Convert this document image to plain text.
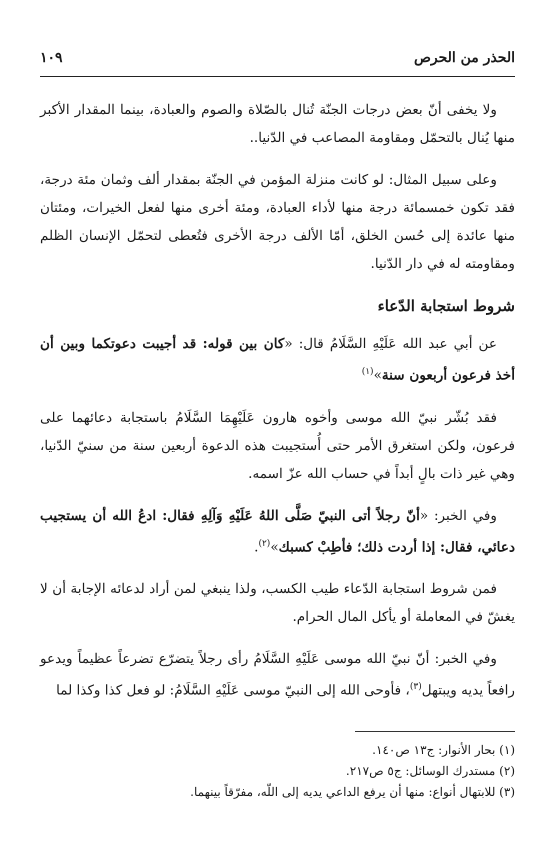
الحذر من الحرص
١٠٩

ولا يخفى أنّ بعض درجات الجنّة تُنال بالصّلاة والصوم والعبادة، بينما المقدار الأكبر منها يُنال بالتحمّل ومقاومة المصاعب في الدّنيا..

وعلى سبيل المثال: لو كانت منزلة المؤمن في الجنّة بمقدار ألف وثمان مئة درجة، فقد تكون خمسمائة درجة منها لأداء العبادة، ومئة أخرى منها لفعل الخيرات، ومئتان منها عائدة إلى حُسن الخلق، أمّا الألف درجة الأخرى فتُعطى لتحمّل الإنسان الظلم ومقاومته له في دار الدّنيا.

شروط استجابة الدّعاء

عن أبي عبد الله عَلَيْهِ السَّلَامُ قال: «كان بين قوله: قد أجيبت دعوتكما وبين أن أخذ فرعون أربعون سنة»$^{(١)}$

فقد بُشّر نبيّ الله موسى وأخوه هارون عَلَيْهِمَا السَّلَامُ باستجابة دعائهما على فرعون، ولكن استغرق الأمر حتى أُستجيبت هذه الدعوة أربعين سنة من سنيّ الدّنيا، وهي غير ذات بالٍ أبداً في حساب الله عزّ اسمه.

وفي الخبر: «أنّ رجلاً أتى النبيّ صَلَّى اللهُ عَلَيْهِ وَآلِهِ فقال: ادعُ الله أن يستجيب دعائي، فقال: إذا أردت ذلك؛ فأطِبْ كسبك»$^{(٢)}$.

فمن شروط استجابة الدّعاء طيب الكسب، ولذا ينبغي لمن أراد لدعائه الإجابة أن لا يغشّ في المعاملة أو يأكل المال الحرام.

وفي الخبر: أنّ نبيّ الله موسى عَلَيْهِ السَّلَامُ رأى رجلاً يتضرّع تضرعاً عظيماً ويدعو رافعاً يديه ويبتهل$^{(٣)}$، فأوحى الله إلى النبيّ موسى عَلَيْهِ السَّلَامُ: لو فعل كذا وكذا لما

(١) بحار الأنوار: ج١٣ ص١٤٠.
(٢) مستدرك الوسائل: ج٥ ص٢١٧.
(٣) للابتهال أنواع: منها أن يرفع الداعي يديه إلى اللّه، مفرّقاً بينهما.
